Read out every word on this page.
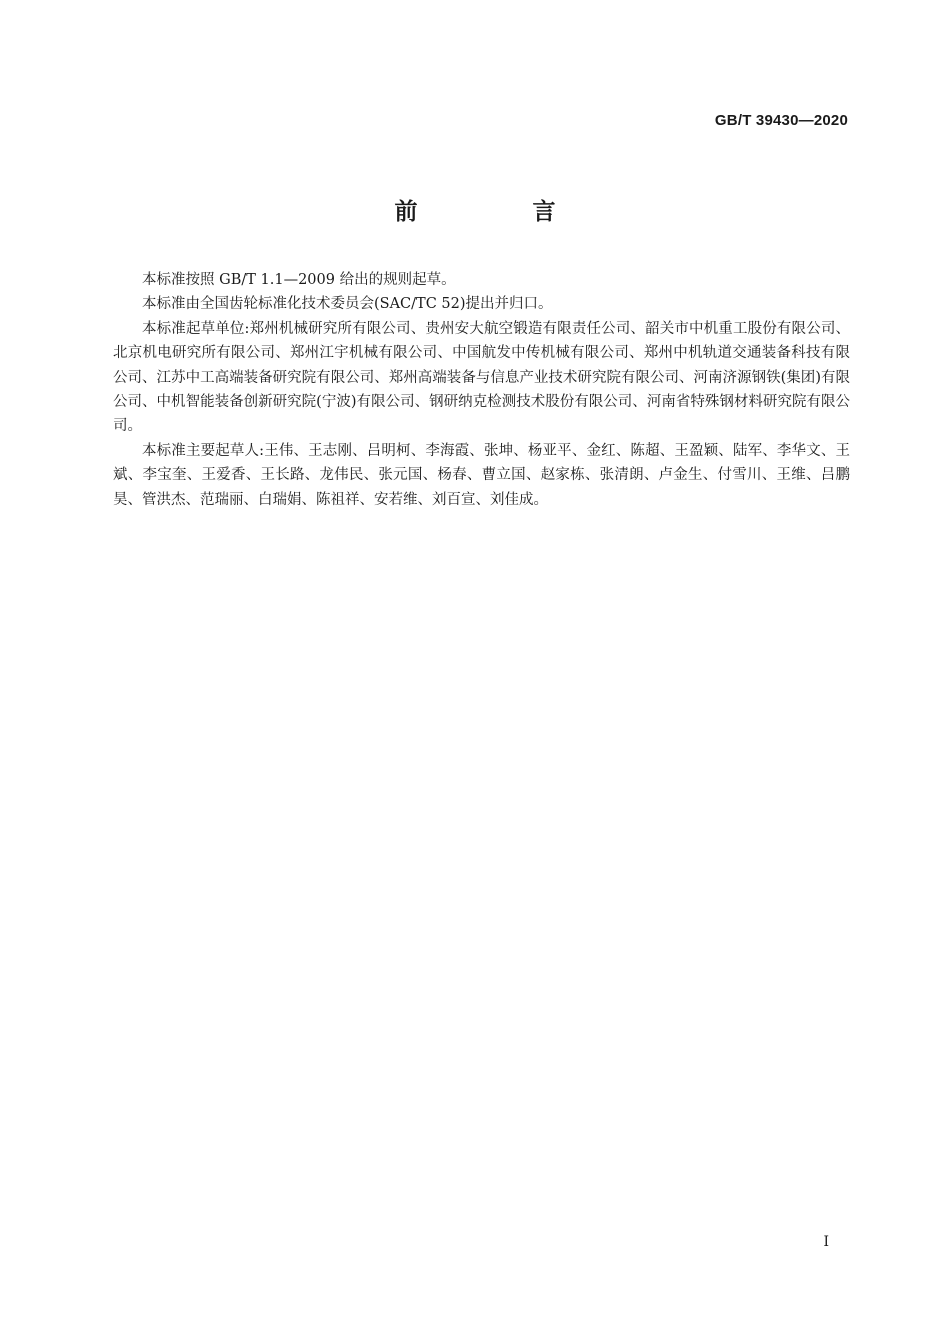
GB/T 39430—2020
前　言

本标准按照 GB/T 1.1—2009 给出的规则起草。

本标准由全国齿轮标准化技术委员会(SAC/TC 52)提出并归口。

本标准起草单位:郑州机械研究所有限公司、贵州安大航空锻造有限责任公司、韶关市中机重工股份有限公司、北京机电研究所有限公司、郑州江宇机械有限公司、中国航发中传机械有限公司、郑州中机轨道交通装备科技有限公司、江苏中工高端装备研究院有限公司、郑州高端装备与信息产业技术研究院有限公司、河南济源钢铁(集团)有限公司、中机智能装备创新研究院(宁波)有限公司、钢研纳克检测技术股份有限公司、河南省特殊钢材料研究院有限公司。

本标准主要起草人:王伟、王志刚、吕明柯、李海霞、张坤、杨亚平、金红、陈超、王盈颖、陆军、李华文、王斌、李宝奎、王爱香、王长路、龙伟民、张元国、杨春、曹立国、赵家栋、张清朗、卢金生、付雪川、王维、吕鹏昊、管洪杰、范瑞丽、白瑞娟、陈祖祥、安若维、刘百宣、刘佳成。

I
